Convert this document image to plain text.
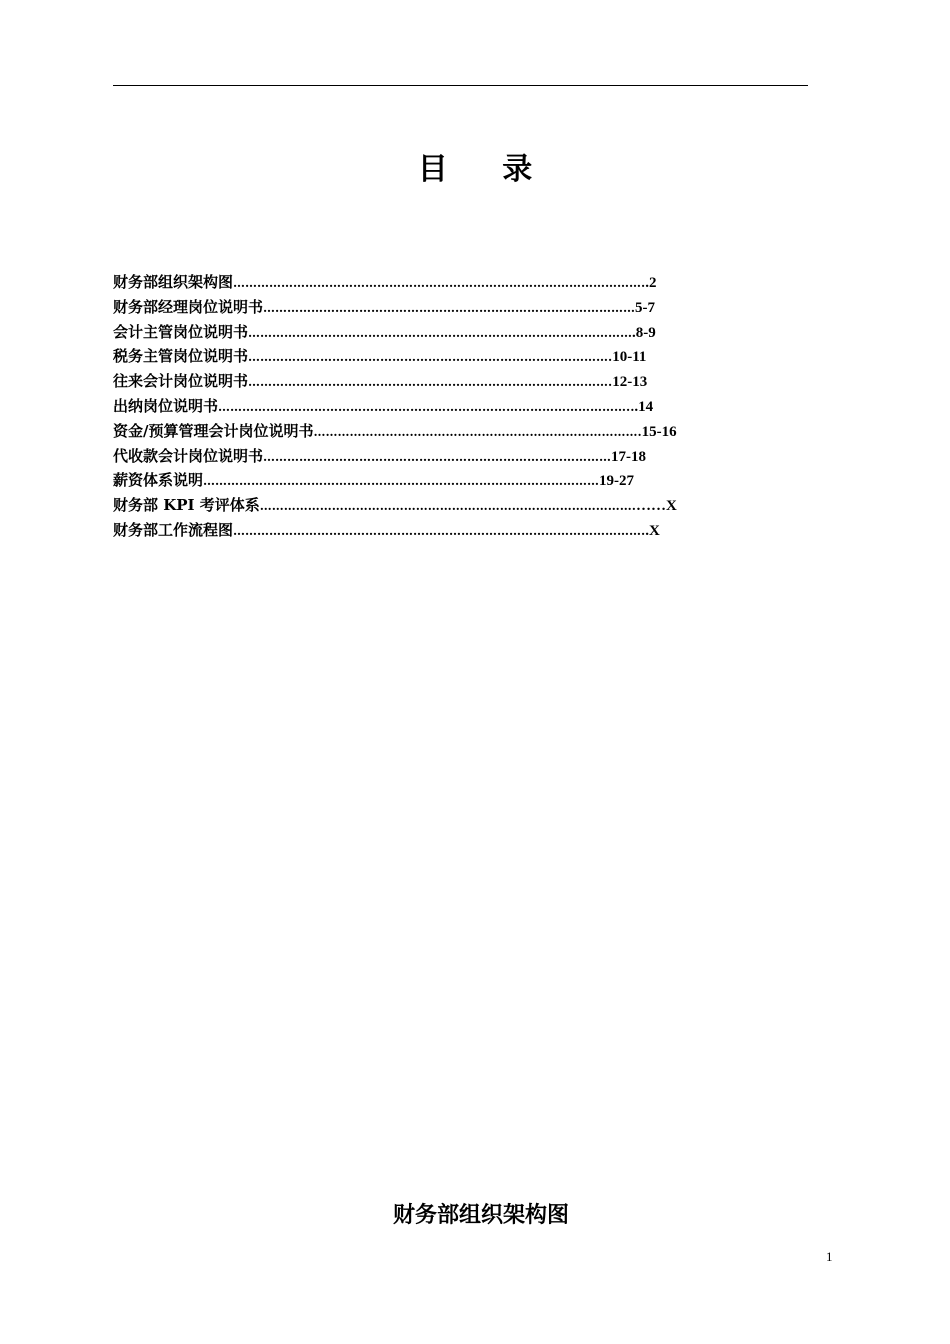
目 录
财务部组织架构图 …………………………………………………………………………………………. .2
财务部经理岗位说明书 ………………………………………………………………………………… 5-7
会计主管岗位说明书 …………………………………………………………………………………… .8-9
税务主管岗位说明书 ………………………………………………………………………………. 10-11
往来会计岗位说明书 ………………………………………………………………………………. 12-13
出纳岗位说明书 ………………………………………………………………………………………….. .14
资金/预算管理会计岗位说明书 ………………………………………………………………………. 15-16
代收款会计岗位说明书 …………………………………………………………………………… 17-18
薪资体系说明 ……………………………………………………………………………………… 19-27
财务部 KPI 考评体系 …………………………………………………………………………………. ……X
财务部工作流程图 …………………………………………………………………………………………. .X
财务部组织架构图
1
